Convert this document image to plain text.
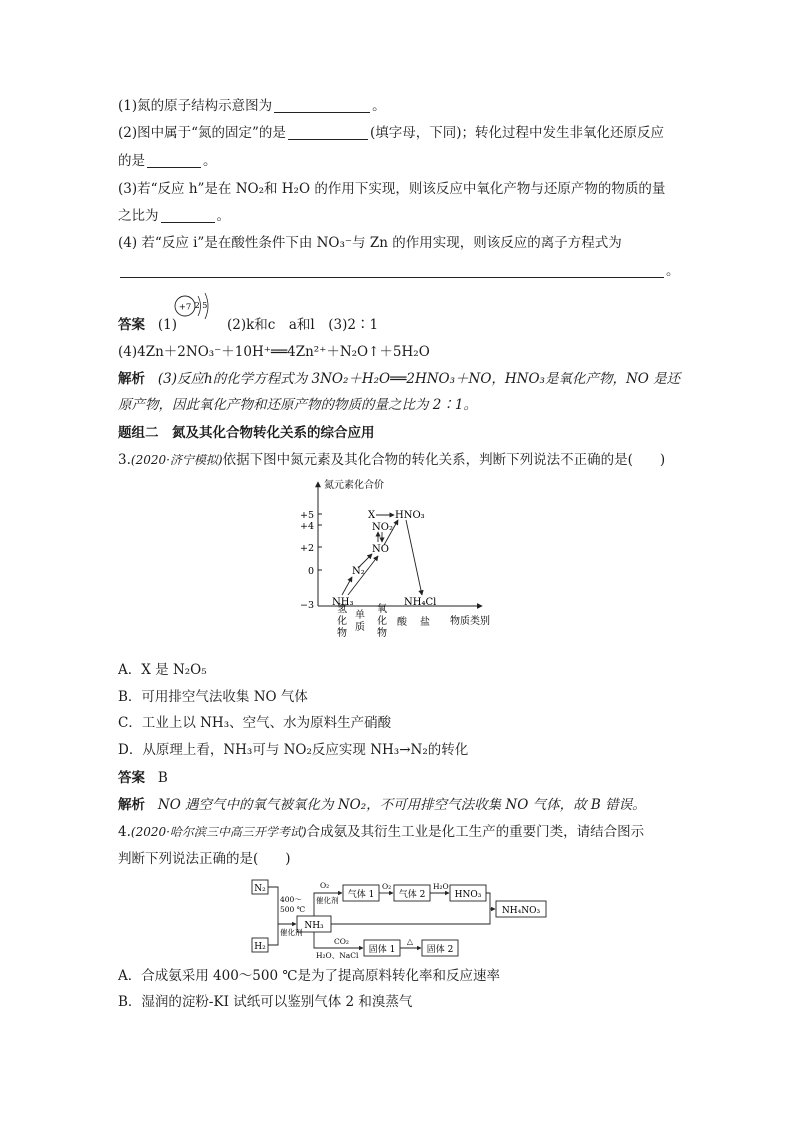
(1)氮的原子结构示意图为	。
(2)图中属于“氮的固定”的是	(填字母，下同)；转化过程中发生非氧化还原反应
的是	。
(3)若“反应 h”是在 NO₂和 H₂O 的作用下实现，则该反应中氧化产物与还原产物的物质的量
之比为	。
(4) 若“反应 i”是在酸性条件下由 NO₃⁻与 Zn 的作用实现，则该反应的离子方程式为
。
答案 (1)
+7 2 5
(2)k和c　a和l　(3)2∶1
(4)4Zn＋2NO₃⁻＋10H⁺══4Zn²⁺＋N₂O↑＋5H₂O
解析 (3)反应h的化学方程式为 3NO₂＋H₂O══2HNO₃＋NO，HNO₃是氧化产物，NO 是还
原产物，因此氧化产物和还原产物的物质的量之比为 2∶1。
题组二　氮及其化合物转化关系的综合应用
3.(2020·济宁模拟)依据下图中氮元素及其化合物的转化关系，判断下列说法不正确的是(　　)
氮元素化合价
+5
+4
+2
0
−3 氢化物 单质 氧化物 酸 盐 物质类别
X HNO₃
NO₂
NO
N₂
NH₃	NH₄Cl
A．X 是 N₂O₅
B．可用排空气法收集 NO 气体
C．工业上以 NH₃、空气、水为原料生产硝酸
D．从原理上看，NH₃可与 NO₂反应实现 NH₃→N₂的转化
答案 B
解析 NO 遇空气中的氧气被氧化为 NO₂，不可用排空气法收集 NO 气体，故 B 错误。
4.(2020·哈尔滨三中高三开学考试)合成氨及其衍生工业是化工生产的重要门类，请结合图示
判断下列说法正确的是(　　)
N₂
H₂
400～
500 ℃
催化剂
NH₃
O₂
催化剂
气体 1
O₂
气体 2
H₂O
HNO₃
NH₄NO₃
CO₂
H₂O、NaCl
固体 1
△
固体 2
A．合成氨采用 400～500 ℃是为了提高原料转化率和反应速率
B．湿润的淀粉-KI 试纸可以鉴别气体 2 和溴蒸气
